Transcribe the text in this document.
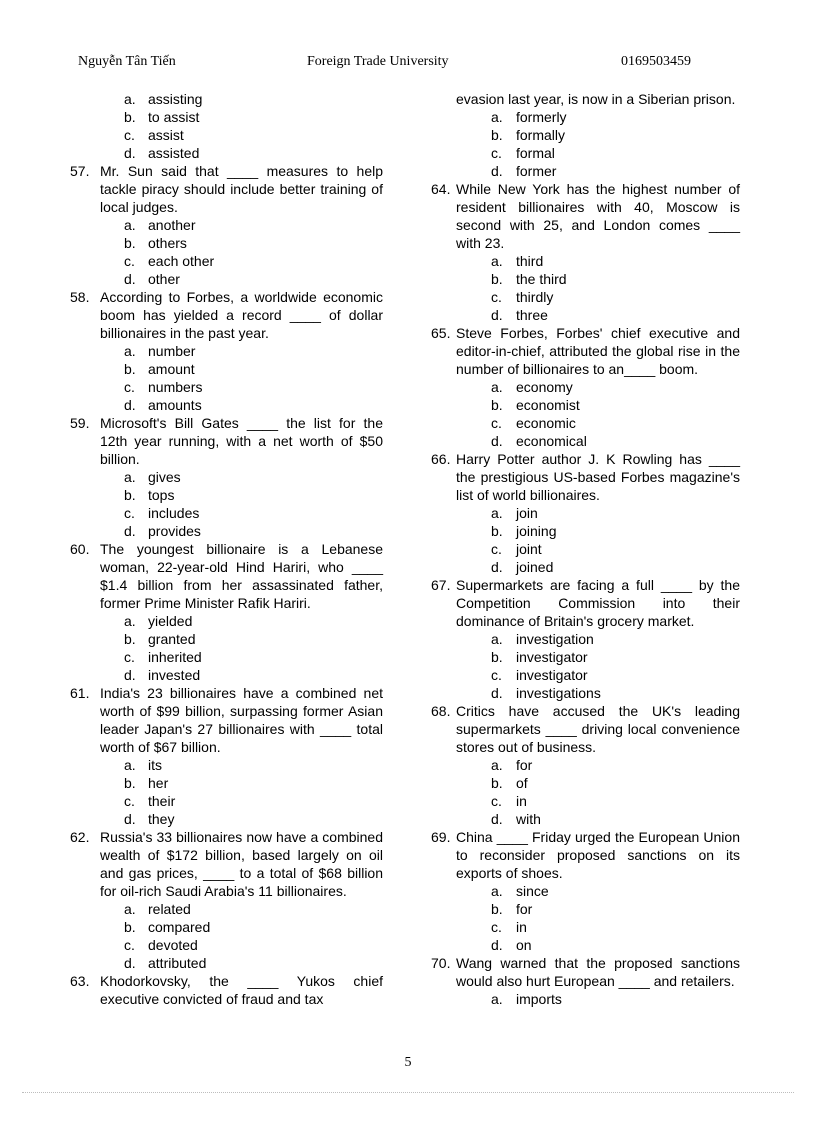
Nguyễn Tân Tiến	Foreign Trade University	0169503459
a. assisting
b. to assist
c. assist
d. assisted
57. Mr. Sun said that ____ measures to help tackle piracy should include better training of local judges.
a. another
b. others
c. each other
d. other
58. According to Forbes, a worldwide economic boom has yielded a record ____ of dollar billionaires in the past year.
a. number
b. amount
c. numbers
d. amounts
59. Microsoft's Bill Gates ____ the list for the 12th year running, with a net worth of $50 billion.
a. gives
b. tops
c. includes
d. provides
60. The youngest billionaire is a Lebanese woman, 22-year-old Hind Hariri, who ____ $1.4 billion from her assassinated father, former Prime Minister Rafik Hariri.
a. yielded
b. granted
c. inherited
d. invested
61. India's 23 billionaires have a combined net worth of $99 billion, surpassing former Asian leader Japan's 27 billionaires with ____ total worth of $67 billion.
a. its
b. her
c. their
d. they
62. Russia's 33 billionaires now have a combined wealth of $172 billion, based largely on oil and gas prices, ____ to a total of $68 billion for oil-rich Saudi Arabia's 11 billionaires.
a. related
b. compared
c. devoted
d. attributed
63. Khodorkovsky, the ____ Yukos chief executive convicted of fraud and tax
evasion last year, is now in a Siberian prison.
a. formerly
b. formally
c. formal
d. former
64. While New York has the highest number of resident billionaires with 40, Moscow is second with 25, and London comes ____ with 23.
a. third
b. the third
c. thirdly
d. three
65. Steve Forbes, Forbes' chief executive and editor-in-chief, attributed the global rise in the number of billionaires to an____ boom.
a. economy
b. economist
c. economic
d. economical
66. Harry Potter author J. K Rowling has ____ the prestigious US-based Forbes magazine's list of world billionaires.
a. join
b. joining
c. joint
d. joined
67. Supermarkets are facing a full ____ by the Competition Commission into their dominance of Britain's grocery market.
a. investigation
b. investigator
c. investigator
d. investigations
68. Critics have accused the UK's leading supermarkets ____ driving local convenience stores out of business.
a. for
b. of
c. in
d. with
69. China ____ Friday urged the European Union to reconsider proposed sanctions on its exports of shoes.
a. since
b. for
c. in
d. on
70. Wang warned that the proposed sanctions would also hurt European ____ and retailers.
a. imports
5
